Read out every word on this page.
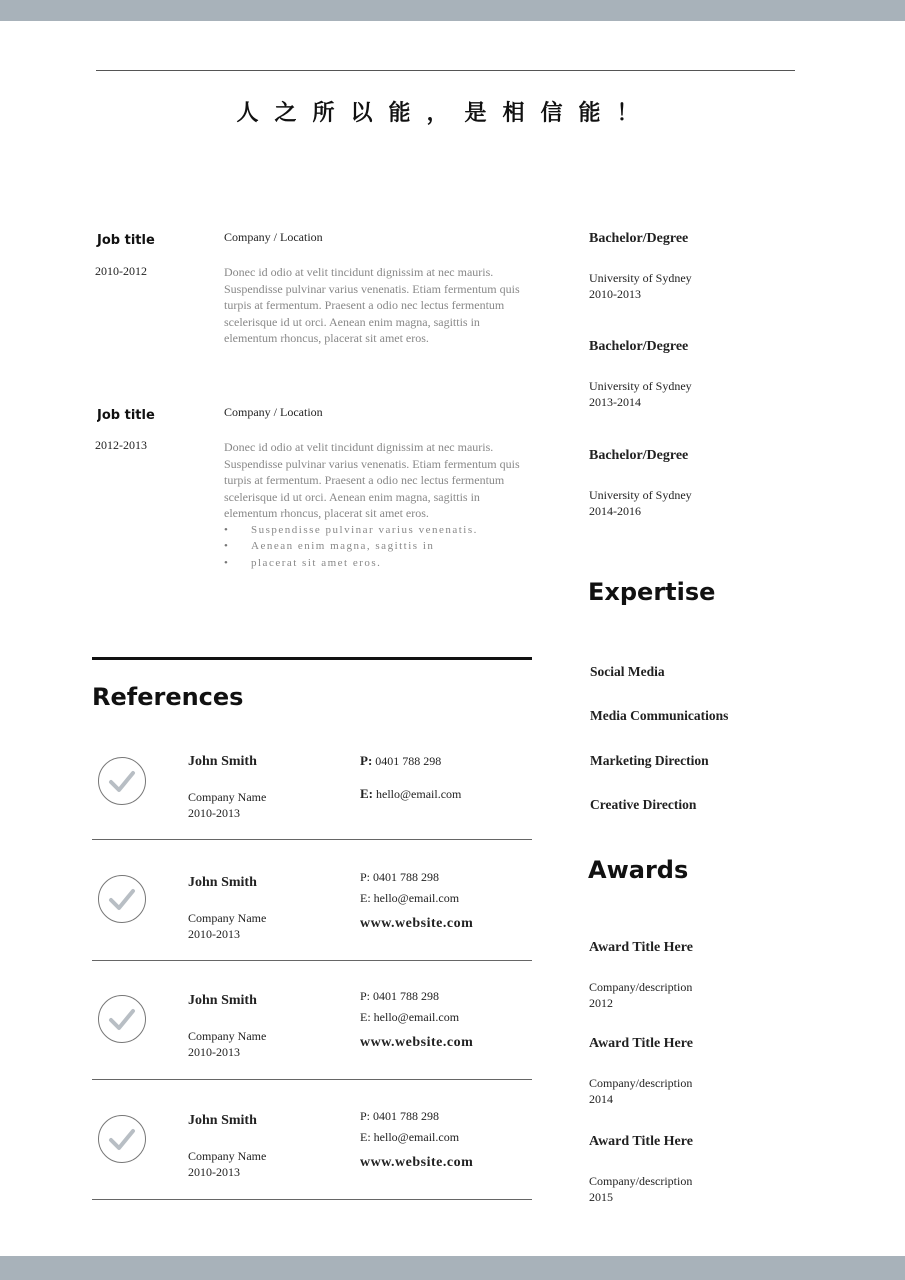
人之所以能，是相信能！
Job title
2010-2012
Company / Location
Donec id odio at velit tincidunt dignissim at nec mauris. Suspendisse pulvinar varius venenatis. Etiam fermentum quis turpis at fermentum. Praesent a odio nec lectus fermentum scelerisque id ut orci. Aenean enim magna, sagittis in elementum rhoncus, placerat sit amet eros.
Job title
2012-2013
Company / Location
Donec id odio at velit tincidunt dignissim at nec mauris. Suspendisse pulvinar varius venenatis. Etiam fermentum quis turpis at fermentum. Praesent a odio nec lectus fermentum scelerisque id ut orci. Aenean enim magna, sagittis in elementum rhoncus, placerat sit amet eros.
• Suspendisse pulvinar varius venenatis.
• Aenean enim magna, sagittis in
• placerat sit amet eros.
Bachelor/Degree
University of Sydney
2010-2013
Bachelor/Degree
University of Sydney
2013-2014
Bachelor/Degree
University of Sydney
2014-2016
Expertise
Social Media
Media Communications
Marketing Direction
Creative Direction
Awards
Award Title Here
Company/description
2012
Award Title Here
Company/description
2014
Award Title Here
Company/description
2015
References
John Smith
Company Name
2010-2013
P: 0401 788 298
E: hello@email.com
John Smith
Company Name
2010-2013
P: 0401 788 298
E: hello@email.com
www.website.com
John Smith
Company Name
2010-2013
P: 0401 788 298
E: hello@email.com
www.website.com
John Smith
Company Name
2010-2013
P: 0401 788 298
E: hello@email.com
www.website.com
